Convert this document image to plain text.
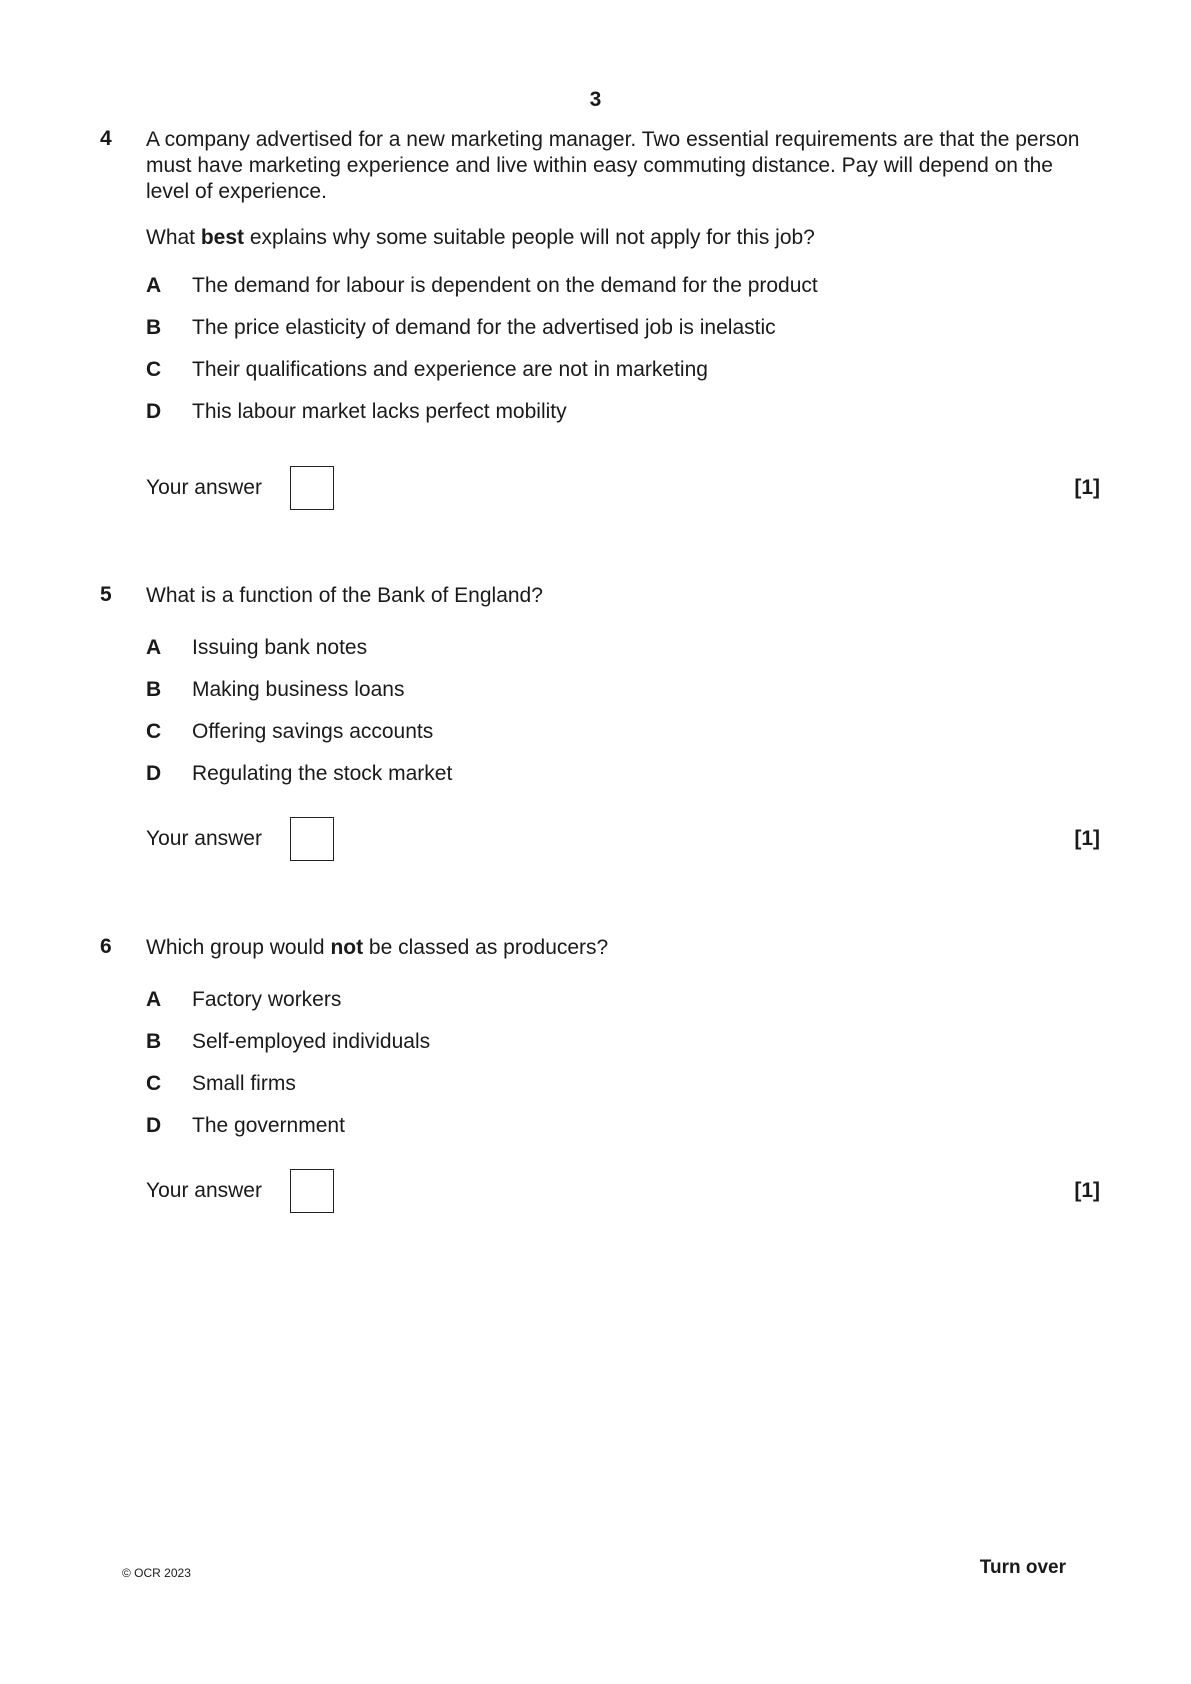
3
4 A company advertised for a new marketing manager. Two essential requirements are that the person must have marketing experience and live within easy commuting distance. Pay will depend on the level of experience.
What best explains why some suitable people will not apply for this job?
A The demand for labour is dependent on the demand for the product
B The price elasticity of demand for the advertised job is inelastic
C Their qualifications and experience are not in marketing
D This labour market lacks perfect mobility
Your answer	[1]
5 What is a function of the Bank of England?
A Issuing bank notes
B Making business loans
C Offering savings accounts
D Regulating the stock market
Your answer	[1]
6 Which group would not be classed as producers?
A Factory workers
B Self-employed individuals
C Small firms
D The government
Your answer	[1]
© OCR 2023	Turn over
